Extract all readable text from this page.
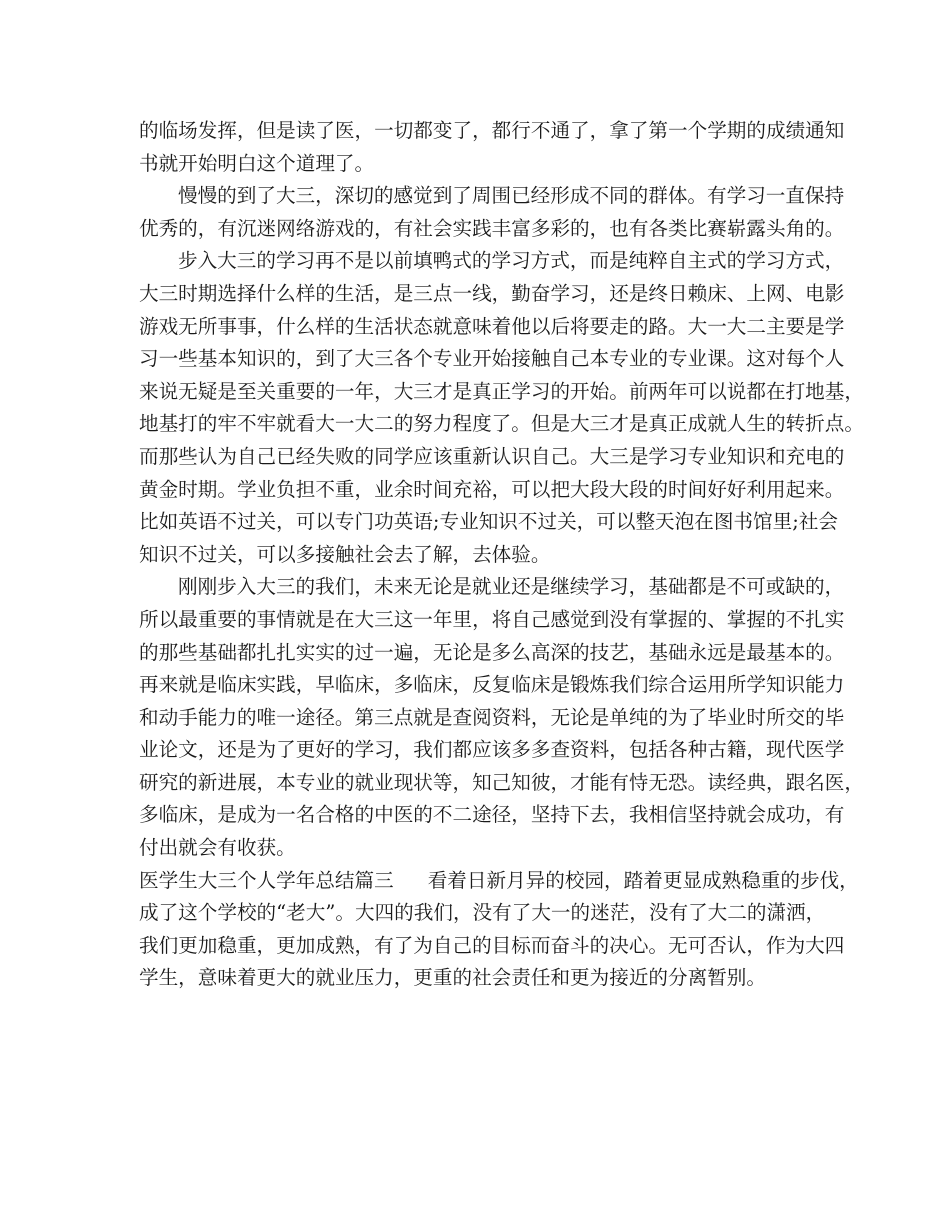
的临场发挥，但是读了医，一切都变了，都行不通了，拿了第一个学期的成绩通知
书就开始明白这个道理了。
慢慢的到了大三，深切的感觉到了周围已经形成不同的群体。有学习一直保持
优秀的，有沉迷网络游戏的，有社会实践丰富多彩的，也有各类比赛崭露头角的。
步入大三的学习再不是以前填鸭式的学习方式，而是纯粹自主式的学习方式，
大三时期选择什么样的生活，是三点一线，勤奋学习，还是终日赖床、上网、电影
游戏无所事事，什么样的生活状态就意味着他以后将要走的路。大一大二主要是学
习一些基本知识的，到了大三各个专业开始接触自己本专业的专业课。这对每个人
来说无疑是至关重要的一年，大三才是真正学习的开始。前两年可以说都在打地基，
地基打的牢不牢就看大一大二的努力程度了。但是大三才是真正成就人生的转折点。
而那些认为自己已经失败的同学应该重新认识自己。大三是学习专业知识和充电的
黄金时期。学业负担不重，业余时间充裕，可以把大段大段的时间好好利用起来。
比如英语不过关，可以专门功英语;专业知识不过关，可以整天泡在图书馆里;社会
知识不过关，可以多接触社会去了解，去体验。
刚刚步入大三的我们，未来无论是就业还是继续学习，基础都是不可或缺的，
所以最重要的事情就是在大三这一年里，将自己感觉到没有掌握的、掌握的不扎实
的那些基础都扎扎实实的过一遍，无论是多么高深的技艺，基础永远是最基本的。
再来就是临床实践，早临床，多临床，反复临床是锻炼我们综合运用所学知识能力
和动手能力的唯一途径。第三点就是查阅资料，无论是单纯的为了毕业时所交的毕
业论文，还是为了更好的学习，我们都应该多多查资料，包括各种古籍，现代医学
研究的新进展，本专业的就业现状等，知己知彼，才能有恃无恐。读经典，跟名医，
多临床，是成为一名合格的中医的不二途径，坚持下去，我相信坚持就会成功，有
付出就会有收获。
医学生大三个人学年总结篇三 看着日新月异的校园，踏着更显成熟稳重的步伐，
成了这个学校的“老大”。大四的我们，没有了大一的迷茫，没有了大二的潇洒，
我们更加稳重，更加成熟，有了为自己的目标而奋斗的决心。无可否认，作为大四
学生，意味着更大的就业压力，更重的社会责任和更为接近的分离暂别。
